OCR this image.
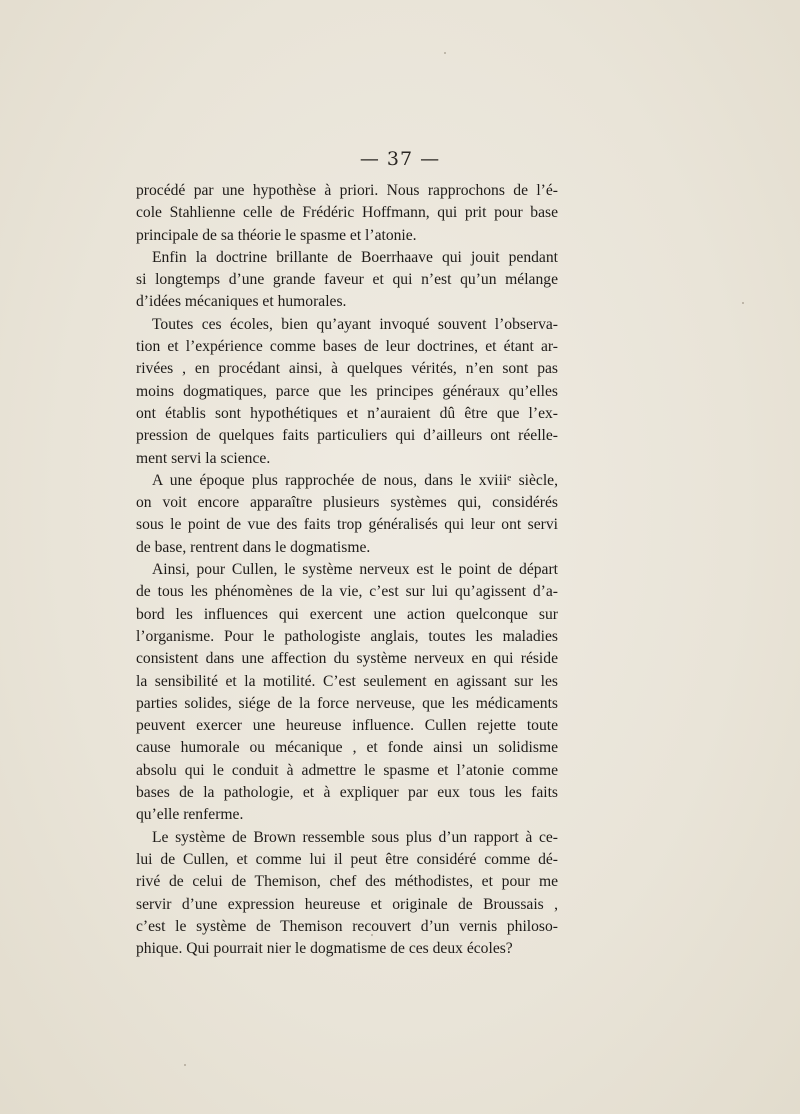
— 37 —
procédé par une hypothèse à priori. Nous rapprochons de l’é-
cole Stahlienne celle de Frédéric Hoffmann, qui prit pour base
principale de sa théorie le spasme et l’atonie.
Enfin la doctrine brillante de Boerrhaave qui jouit pendant
si longtemps d’une grande faveur et qui n’est qu’un mélange
d’idées mécaniques et humorales.
Toutes ces écoles, bien qu’ayant invoqué souvent l’observa-
tion et l’expérience comme bases de leur doctrines, et étant ar-
rivées , en procédant ainsi, à quelques vérités, n’en sont pas
moins dogmatiques, parce que les principes généraux qu’elles
ont établis sont hypothétiques et n’auraient dû être que l’ex-
pression de quelques faits particuliers qui d’ailleurs ont réelle-
ment servi la science.
A une époque plus rapprochée de nous, dans le xviiiᵉ siècle,
on voit encore apparaître plusieurs systèmes qui, considérés
sous le point de vue des faits trop généralisés qui leur ont servi
de base, rentrent dans le dogmatisme.
Ainsi, pour Cullen, le système nerveux est le point de départ
de tous les phénomènes de la vie, c’est sur lui qu’agissent d’a-
bord les influences qui exercent une action quelconque sur
l’organisme. Pour le pathologiste anglais, toutes les maladies
consistent dans une affection du système nerveux en qui réside
la sensibilité et la motilité. C’est seulement en agissant sur les
parties solides, siége de la force nerveuse, que les médicaments
peuvent exercer une heureuse influence. Cullen rejette toute
cause humorale ou mécanique , et fonde ainsi un solidisme
absolu qui le conduit à admettre le spasme et l’atonie comme
bases de la pathologie, et à expliquer par eux tous les faits
qu’elle renferme.
Le système de Brown ressemble sous plus d’un rapport à ce-
lui de Cullen, et comme lui il peut être considéré comme dé-
rivé de celui de Themison, chef des méthodistes, et pour me
servir d’une expression heureuse et originale de Broussais ,
c’est le système de Themison recouvert d’un vernis philoso-
phique. Qui pourrait nier le dogmatisme de ces deux écoles?
